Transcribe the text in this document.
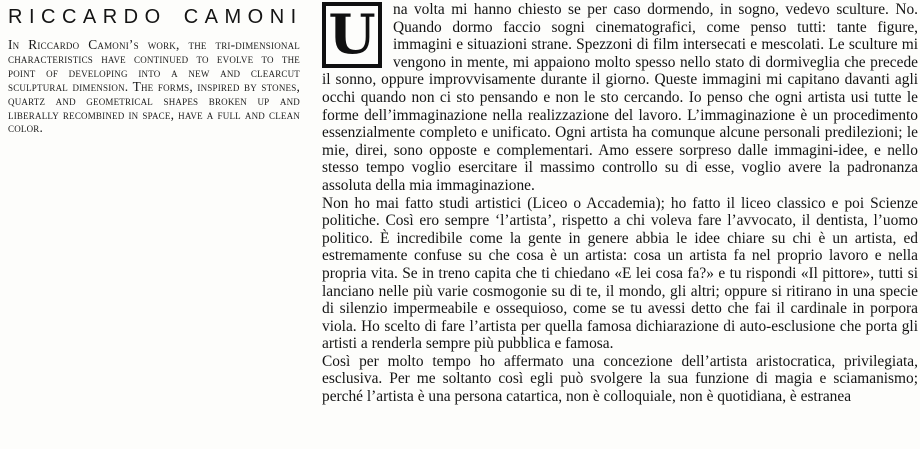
RICCARDO CAMONI

In Riccardo Camoni’s work, the tri-dimensional characteristics have continued to evolve to the point of developing into a new and clearcut sculptural dimension. The forms, inspired by stones, quartz and geometrical shapes broken up and liberally recombined in space, have a full and clean color.

U na volta mi hanno chiesto se per caso dormendo, in sogno, vedevo sculture. No. Quando dormo faccio sogni cinematografici, come penso tutti: tante figure, immagini e situazioni strane. Spezzoni di film intersecati e mescolati. Le sculture mi vengono in mente, mi appaiono molto spesso nello stato di dormiveglia che precede il sonno, oppure improvvisamente durante il giorno. Queste immagini mi capitano davanti agli occhi quando non ci sto pensando e non le sto cercando. Io penso che ogni artista usi tutte le forme dell’immaginazione nella realizzazione del lavoro. L’immaginazione è un procedimento essenzialmente completo e unificato. Ogni artista ha comunque alcune personali predilezioni; le mie, direi, sono opposte e complementari. Amo essere sorpreso dalle immagini-idee, e nello stesso tempo voglio esercitare il massimo controllo su di esse, voglio avere la padronanza assoluta della mia immaginazione.

Non ho mai fatto studi artistici (Liceo o Accademia); ho fatto il liceo classico e poi Scienze politiche. Così ero sempre ‘l’artista’, rispetto a chi voleva fare l’avvocato, il dentista, l’uomo politico. È incredibile come la gente in genere abbia le idee chiare su chi è un artista, ed estremamente confuse su che cosa è un artista: cosa un artista fa nel proprio lavoro e nella propria vita. Se in treno capita che ti chiedano «E lei cosa fa?» e tu rispondi «Il pittore», tutti si lanciano nelle più varie cosmogonie su di te, il mondo, gli altri; oppure si ritirano in una specie di silenzio impermeabile e ossequioso, come se tu avessi detto che fai il cardinale in porpora viola. Ho scelto di fare l’artista per quella famosa dichiarazione di auto-esclusione che porta gli artisti a renderla sempre più pubblica e famosa.

Così per molto tempo ho affermato una concezione dell’artista aristocratica, privilegiata, esclusiva. Per me soltanto così egli può svolgere la sua funzione di magia e sciamanismo; perché l’artista è una persona catartica, non è colloquiale, non è quotidiana, è estranea
